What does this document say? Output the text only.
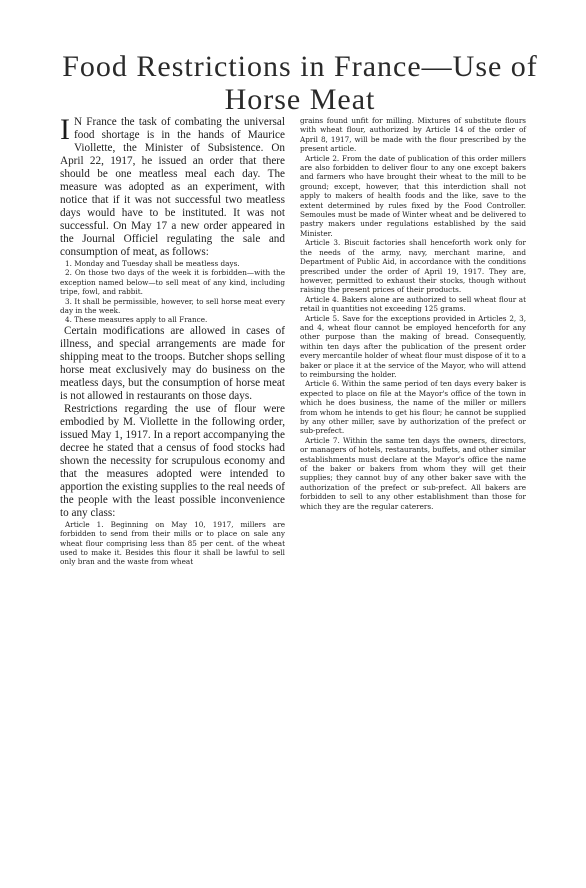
Food Restrictions in France—Use of Horse Meat

I N France the task of combating the universal food shortage is in the hands of Maurice Viollette, the Minister of Subsistence. On April 22, 1917, he issued an order that there should be one meatless meal each day. The measure was adopted as an experiment, with notice that if it was not successful two meatless days would have to be instituted. It was not successful. On May 17 a new order appeared in the Journal Officiel regulating the sale and consumption of meat, as follows:

1. Monday and Tuesday shall be meatless days.

2. On those two days of the week it is forbidden—with the exception named below—to sell meat of any kind, including tripe, fowl, and rabbit.

3. It shall be permissible, however, to sell horse meat every day in the week.

4. These measures apply to all France.

Certain modifications are allowed in cases of illness, and special arrangements are made for shipping meat to the troops. Butcher shops selling horse meat exclusively may do business on the meatless days, but the consumption of horse meat is not allowed in restaurants on those days.

Restrictions regarding the use of flour were embodied by M. Viollette in the following order, issued May 1, 1917. In a report accompanying the decree he stated that a census of food stocks had shown the necessity for scrupulous economy and that the measures adopted were intended to apportion the existing supplies to the real needs of the people with the least possible inconvenience to any class:

Article 1. Beginning on May 10, 1917, millers are forbidden to send from their mills or to place on sale any wheat flour comprising less than 85 per cent. of the wheat used to make it. Besides this flour it shall be lawful to sell only bran and the waste from wheat

grains found unfit for milling. Mixtures of substitute flours with wheat flour, authorized by Article 14 of the order of April 8, 1917, will be made with the flour prescribed by the present article.

Article 2. From the date of publication of this order millers are also forbidden to deliver flour to any one except bakers and farmers who have brought their wheat to the mill to be ground; except, however, that this interdiction shall not apply to makers of health foods and the like, save to the extent determined by rules fixed by the Food Controller. Semoules must be made of Winter wheat and be delivered to pastry makers under regulations established by the said Minister.

Article 3. Biscuit factories shall henceforth work only for the needs of the army, navy, merchant marine, and Department of Public Aid, in accordance with the conditions prescribed under the order of April 19, 1917. They are, however, permitted to exhaust their stocks, though without raising the present prices of their products.

Article 4. Bakers alone are authorized to sell wheat flour at retail in quantities not exceeding 125 grams.

Article 5. Save for the exceptions provided in Articles 2, 3, and 4, wheat flour cannot be employed henceforth for any other purpose than the making of bread. Consequently, within ten days after the publication of the present order every mercantile holder of wheat flour must dispose of it to a baker or place it at the service of the Mayor, who will attend to reimbursing the holder.

Article 6. Within the same period of ten days every baker is expected to place on file at the Mayor's office of the town in which he does business, the name of the miller or millers from whom he intends to get his flour; he cannot be supplied by any other miller, save by authorization of the prefect or sub-prefect.

Article 7. Within the same ten days the owners, directors, or managers of hotels, restaurants, buffets, and other similar establishments must declare at the Mayor's office the name of the baker or bakers from whom they will get their supplies; they cannot buy of any other baker save with the authorization of the prefect or sub-prefect. All bakers are forbidden to sell to any other establishment than those for which they are the regular caterers.
